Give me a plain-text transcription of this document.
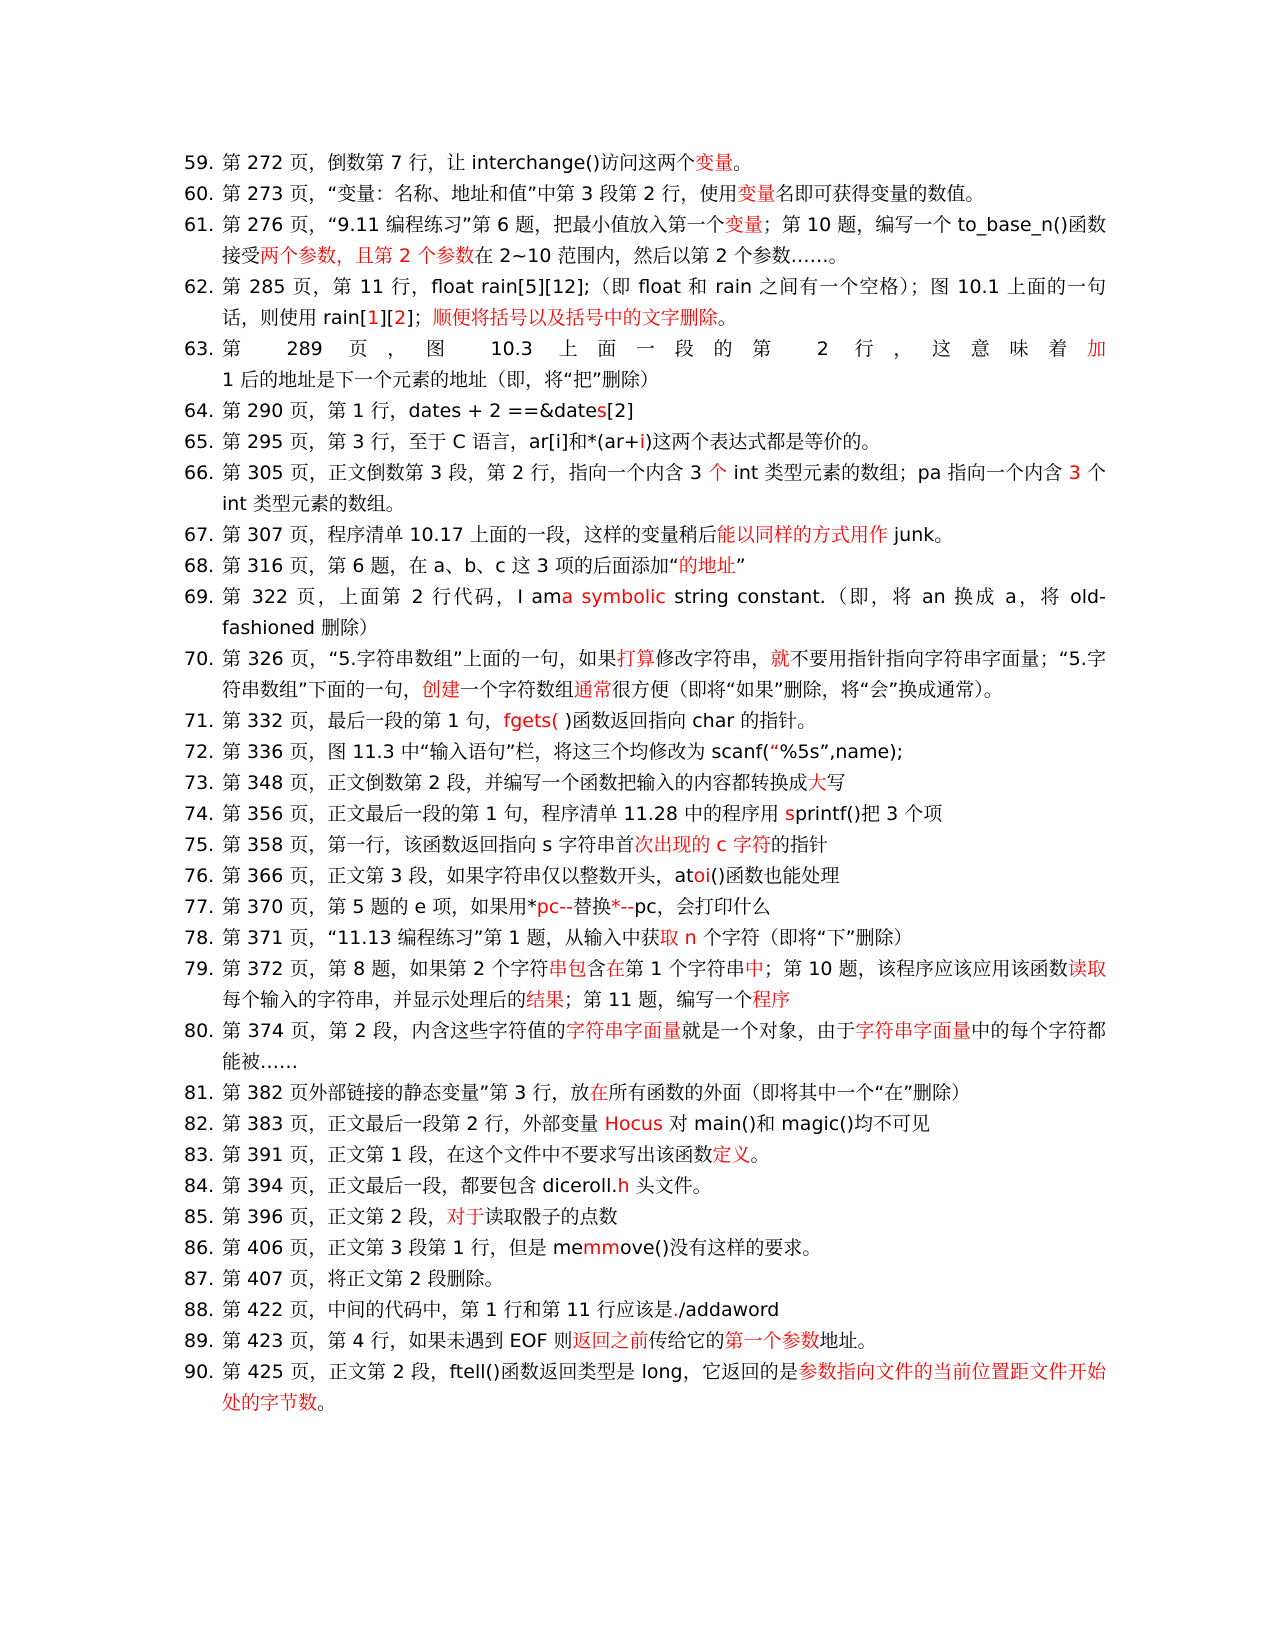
59. 第 272 页，倒数第 7 行，让 interchange()访问这两个变量。
60. 第 273 页，“变量：名称、地址和值”中第 3 段第 2 行，使用变量名即可获得变量的数值。
61. 第 276 页，“9.11 编程练习”第 6 题，把最小值放入第一个变量；第 10 题，编写一个 to_base_n()函数接受两个参数，且第 2 个参数在 2~10 范围内，然后以第 2 个参数……。
62. 第 285 页，第 11 行，float rain[5][12];（即 float 和 rain 之间有一个空格）；图 10.1 上面的一句话，则使用 rain[1][2]；顺便将括号以及括号中的文字删除。
63. 第 289 页，图 10.3 上面一段的第 2 行，这意味着加 1 后的地址是下一个元素的地址（即，将“把”删除）
64. 第 290 页，第 1 行，dates + 2 ==&dates[2]
65. 第 295 页，第 3 行，至于 C 语言，ar[i]和*(ar+i)这两个表达式都是等价的。
66. 第 305 页，正文倒数第 3 段，第 2 行，指向一个内含 3 个 int 类型元素的数组；pa 指向一个内含 3 个 int 类型元素的数组。
67. 第 307 页，程序清单 10.17 上面的一段，这样的变量稍后能以同样的方式用作 junk。
68. 第 316 页，第 6 题，在 a、b、c 这 3 项的后面添加“的地址”
69. 第 322 页，上面第 2 行代码，I ama symbolic string constant.（即，将 an 换成 a，将 old-fashioned 删除）
70. 第 326 页，“5.字符串数组”上面的一句，如果打算修改字符串，就不要用指针指向字符串字面量；“5.字符串数组”下面的一句，创建一个字符数组通常很方便（即将“如果”删除，将“会”换成通常）。
71. 第 332 页，最后一段的第 1 句，fgets( )函数返回指向 char 的指针。
72. 第 336 页，图 11.3 中“输入语句”栏，将这三个均修改为 scanf(“%5s”,name);
73. 第 348 页，正文倒数第 2 段，并编写一个函数把输入的内容都转换成大写
74. 第 356 页，正文最后一段的第 1 句，程序清单 11.28 中的程序用 sprintf()把 3 个项
75. 第 358 页，第一行，该函数返回指向 s 字符串首次出现的 c 字符的指针
76. 第 366 页，正文第 3 段，如果字符串仅以整数开头，atoi()函数也能处理
77. 第 370 页，第 5 题的 e 项，如果用*pc--替换*--pc，会打印什么
78. 第 371 页，“11.13 编程练习”第 1 题，从输入中获取 n 个字符（即将“下”删除）
79. 第 372 页，第 8 题，如果第 2 个字符串包含在第 1 个字符串中；第 10 题，该程序应该应用该函数读取每个输入的字符串，并显示处理后的结果；第 11 题，编写一个程序
80. 第 374 页，第 2 段，内含这些字符值的字符串字面量就是一个对象，由于字符串字面量中的每个字符都能被……
81. 第 382 页外部链接的静态变量”第 3 行，放在所有函数的外面（即将其中一个“在”删除）
82. 第 383 页，正文最后一段第 2 行，外部变量 Hocus 对 main()和 magic()均不可见
83. 第 391 页，正文第 1 段，在这个文件中不要求写出该函数定义。
84. 第 394 页，正文最后一段，都要包含 diceroll.h 头文件。
85. 第 396 页，正文第 2 段，对于读取骰子的点数
86. 第 406 页，正文第 3 段第 1 行，但是 memmove()没有这样的要求。
87. 第 407 页，将正文第 2 段删除。
88. 第 422 页，中间的代码中，第 1 行和第 11 行应该是./addaword
89. 第 423 页，第 4 行，如果未遇到 EOF 则返回之前传给它的第一个参数地址。
90. 第 425 页，正文第 2 段，ftell()函数返回类型是 long，它返回的是参数指向文件的当前位置距文件开始处的字节数。
